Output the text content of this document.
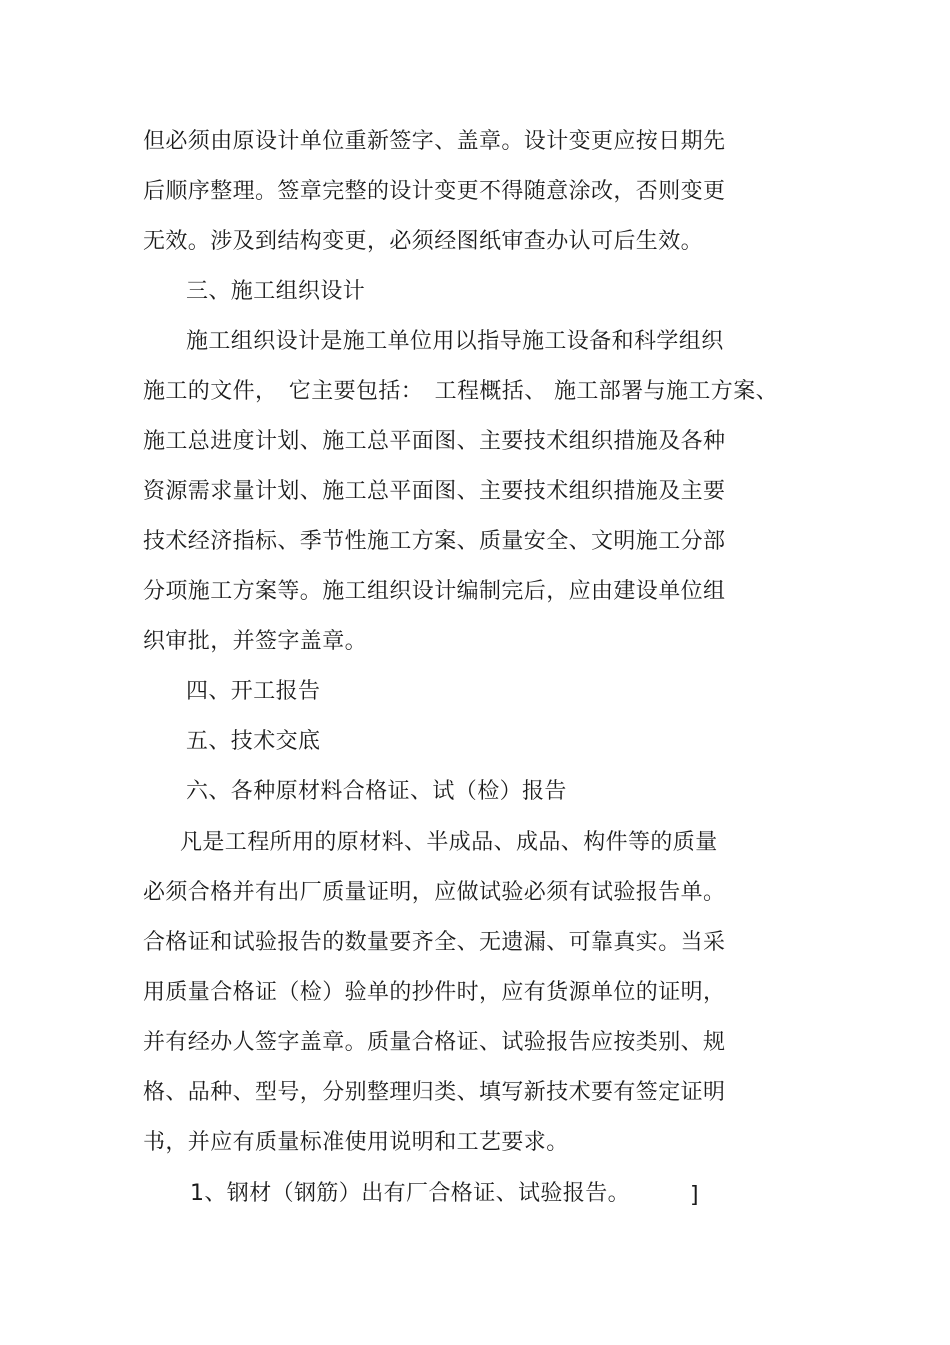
但必须由原设计单位重新签字、盖章。设计变更应按日期先
后顺序整理。签章完整的设计变更不得随意涂改，否则变更
无效。涉及到结构变更，必须经图纸审查办认可后生效。
三、施工组织设计
施工组织设计是施工单位用以指导施工设备和科学组织
施工的文件，　它主要包括：　工程概括、 施工部署与施工方案、
施工总进度计划、施工总平面图、主要技术组织措施及各种
资源需求量计划、施工总平面图、主要技术组织措施及主要
技术经济指标、季节性施工方案、质量安全、文明施工分部
分项施工方案等。施工组织设计编制完后，应由建设单位组
织审批，并签字盖章。
四、开工报告
五、技术交底
六、各种原材料合格证、试（检）报告
凡是工程所用的原材料、半成品、成品、构件等的质量
必须合格并有出厂质量证明，应做试验必须有试验报告单。
合格证和试验报告的数量要齐全、无遗漏、可靠真实。当采
用质量合格证（检）验单的抄件时，应有货源单位的证明，
并有经办人签字盖章。质量合格证、试验报告应按类别、规
格、品种、型号，分别整理归类、填写新技术要有签定证明
书，并应有质量标准使用说明和工艺要求。
1、钢材（钢筋）出有厂合格证、试验报告。	]
